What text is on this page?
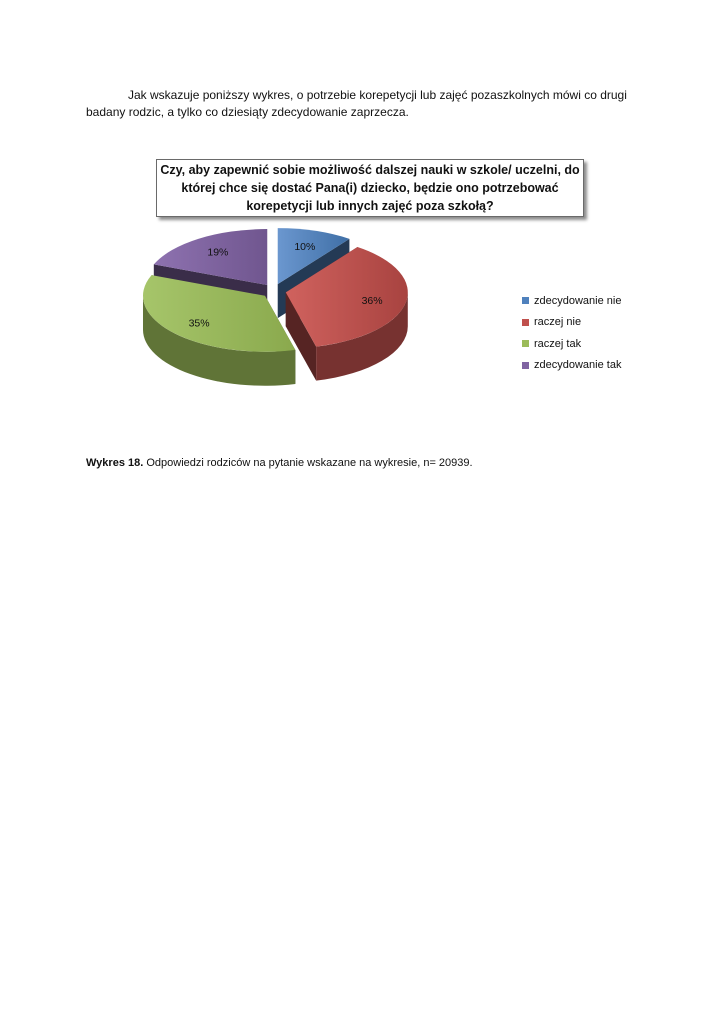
Jak wskazuje poniższy wykres, o potrzebie korepetycji lub zajęć pozaszkolnych mówi co drugi
badany rodzic, a tylko co dziesiąty zdecydowanie zaprzecza.

Czy, aby zapewnić sobie możliwość dalszej nauki w szkole/ uczelni, do
której chce się dostać Pana(i) dziecko, będzie ono potrzebować
korepetycji lub innych zajęć poza szkołą?
10%
36%
35%
19%
zdecydowanie nie
raczej nie
raczej tak
zdecydowanie tak
Wykres 18. Odpowiedzi rodziców na pytanie wskazane na wykresie, n= 20939.
